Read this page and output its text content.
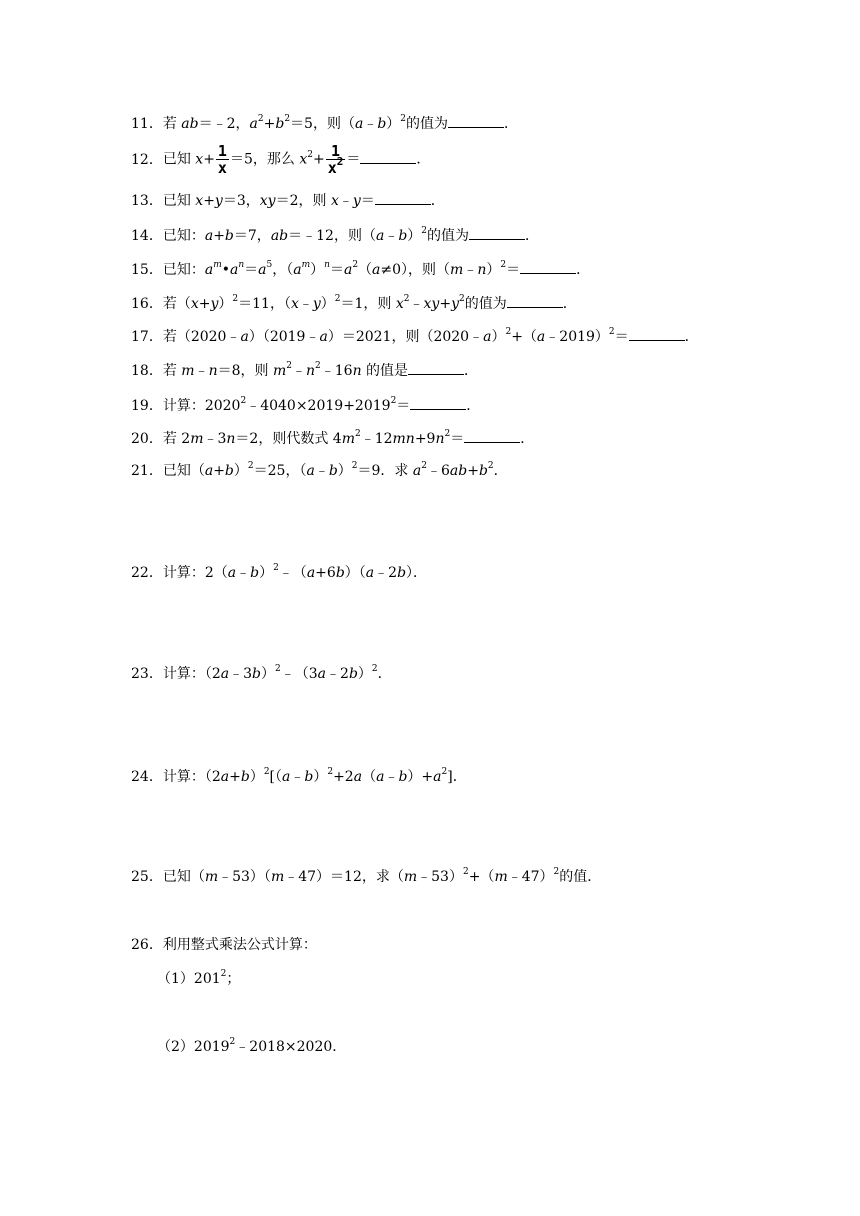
11．若 ab＝﹣2，$a^2+b^2=5$，则（a﹣b）$^2$的值为	．
12．已知 $x+ \frac{1}{x} =5$，那么 $x^2+ \frac{1}{x^2}$ ＝	．
13．已知 x+y＝3，xy＝2，则 x﹣y＝	．
14．已知：a+b＝7，ab＝﹣12，则（a﹣b）$^2$的值为	．
15．已知：$a^m•a^n=a^5$，$(a^m)^n=a^2(a\ne 0)$，则（m﹣n）$^2$＝	．
16．若$(x+y)^2=11$，（x﹣y）$^2$＝1，则 $x^2﹣xy+y^2$的值为	．
17．若（2020﹣a）（2019﹣a）＝2021，则（2020﹣a）$^2$+（a﹣2019）$^2$＝	．
18．若 m﹣n＝8，则 $m^2﹣n^2﹣16n$ 的值是	．
19．计算：$2020^2﹣4040\times 2019+2019^2=$	．
20．若 2m﹣3n＝2，则代数式 $4m^2﹣12mn+9n^2=$	．
21．已知$(a+b)^2=25$，（a﹣b）$^2$＝9．求 $a^2﹣6ab+b^2$．
22．计算：2（a﹣b）$^2$﹣（a+6b）（a﹣2b）．
23．计算：（2a﹣3b）$^2$﹣（3a﹣2b）$^2$．
24．计算：$(2a+b)^2[(a﹣b)^2+2a(a﹣b)+a^2]$．
25．已知（m﹣53）（m﹣47）＝12，求（m﹣53）$^2$+（m﹣47）$^2$的值．
26．利用整式乘法公式计算：
$(1)201^2$；
$(2)2019^2﹣2018\times 2020$．
